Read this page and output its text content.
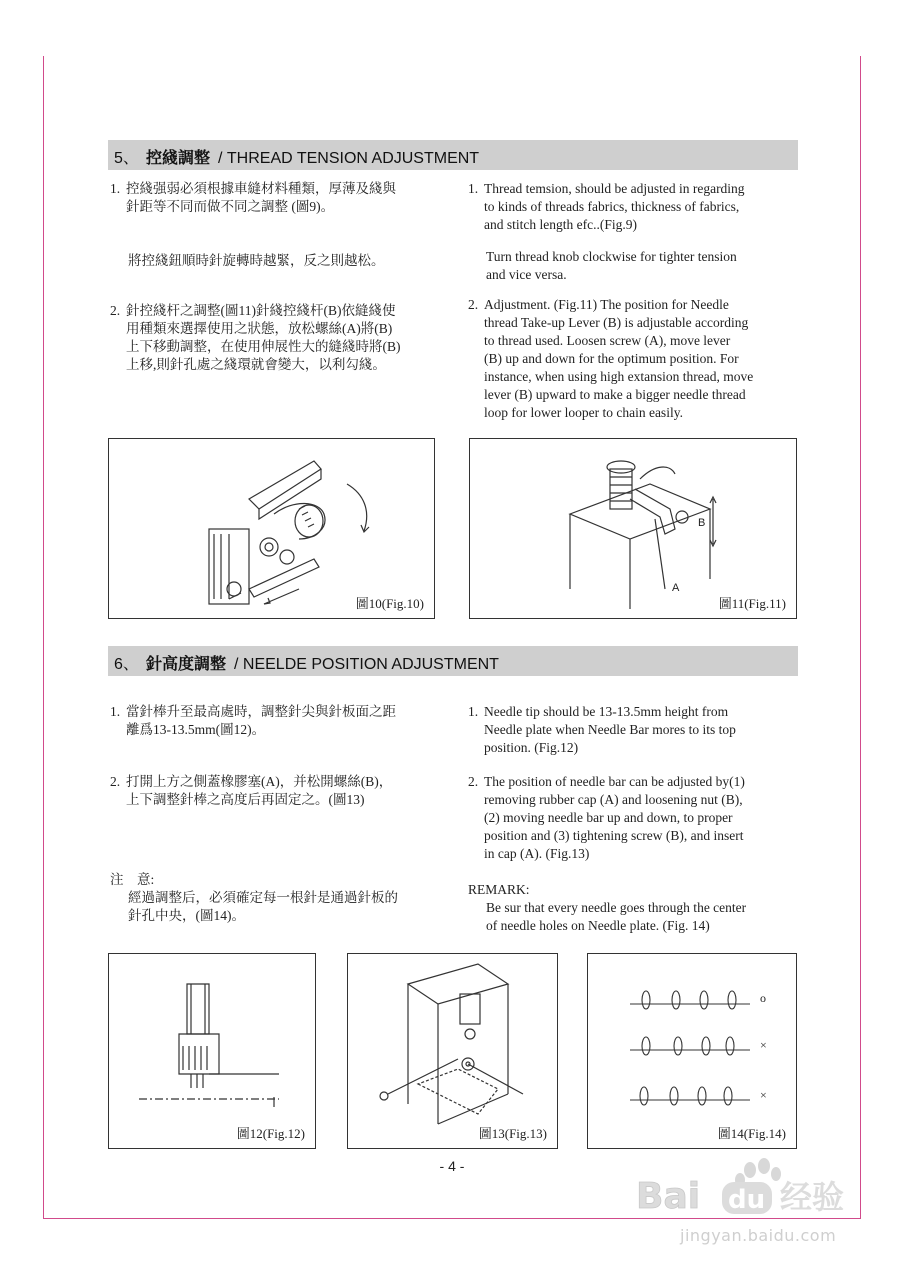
5、 控綫調整 / THREAD TENSION ADJUSTMENT
1. 控綫强弱必須根據車縫材料種類，厚薄及綫與

針距等不同而做不同之調整 (圖9)。

將控綫鈕順時針旋轉時越緊，反之則越松。

2. 針控綫杆之調整(圖11)針綫控綫杆(B)依縫綫使

用種類來選擇使用之狀態，放松螺絲(A)將(B)

上下移動調整，在使用伸展性大的縫綫時將(B)

上移,則針孔處之綫環就會變大，以利勾綫。

1. Thread temsion, should be adjusted in regarding

to kinds of threads fabrics, thickness of fabrics,

and stitch length efc..(Fig.9)

Turn thread knob clockwise for tighter tension

and vice versa.

2. Adjustment. (Fig.11) The position for Needle

thread Take-up Lever (B) is adjustable according

to thread used. Loosen screw (A), move lever

(B) up and down for the optimum position. For

instance, when using high extansion thread, move

lever (B) upward to make a bigger needle thread

loop for lower looper to chain easily.

圖10(Fig.10)
B
A
圖11(Fig.11)
6、 針高度調整 / NEELDE POSITION ADJUSTMENT
1. 當針棒升至最高處時，調整針尖與針板面之距

離爲13-13.5mm(圖12)。

2. 打開上方之側蓋橡膠塞(A)，并松開螺絲(B)，

上下調整針棒之高度后再固定之。(圖13)

注　意:

經過調整后，必須確定每一根針是通過針板的

針孔中央，(圖14)。

1. Needle tip should be 13-13.5mm height from

Needle plate when Needle Bar mores to its top

position. (Fig.12)

2. The position of needle bar can be adjusted by(1)

removing rubber cap (A) and loosening nut (B),

(2) moving needle bar up and down, to proper

position and (3) tightening screw (B), and insert

in cap (A). (Fig.13)

REMARK:

Be sur that every needle goes through the center

of needle holes on Needle plate. (Fig. 14)

圖12(Fig.12)	圖13(Fig.13)
o
×
×
圖14(Fig.14)
- 4 -
Bai du 经验
jingyan.baidu.com
